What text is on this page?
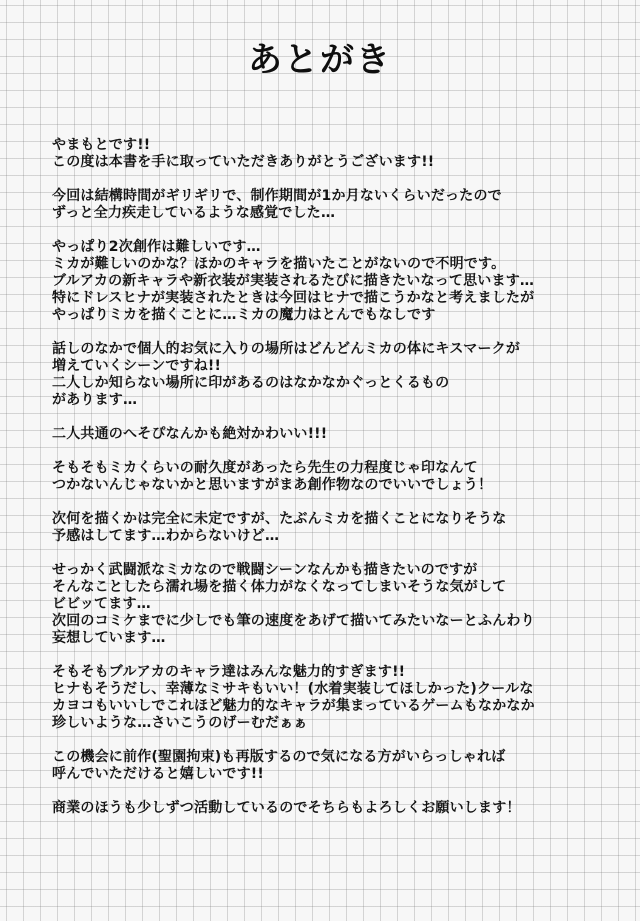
あとがき
やまもとです!!
この度は本書を手に取っていただきありがとうございます!!
今回は結構時間がギリギリで、制作期間が1か月ないくらいだったので
ずっと全力疾走しているような感覚でした…
やっぱり2次創作は難しいです…
ミカが難しいのかな？ほかのキャラを描いたことがないので不明です。
ブルアカの新キャラや新衣装が実装されるたびに描きたいなって思います…
特にドレスヒナが実装されたときは今回はヒナで描こうかなと考えましたが
やっぱりミカを描くことに…ミカの魔力はとんでもなしです
話しのなかで個人的お気に入りの場所はどんどんミカの体にキスマークが
増えていくシーンですね!!
二人しか知らない場所に印があるのはなかなかぐっとくるもの
があります…
二人共通のへそぴなんかも絶対かわいい!!!
そもそもミカくらいの耐久度があったら先生の力程度じゃ印なんて
つかないんじゃないかと思いますがまあ創作物なのでいいでしょう！
次何を描くかは完全に未定ですが、たぶんミカを描くことになりそうな
予感はしてます…わからないけど…
せっかく武闘派なミカなので戦闘シーンなんかも描きたいのですが
そんなことしたら濡れ場を描く体力がなくなってしまいそうな気がして
ビビッてます…
次回のコミケまでに少しでも筆の速度をあげて描いてみたいなーとふんわり
妄想しています…
そもそもブルアカのキャラ達はみんな魅力的すぎます!!
ヒナもそうだし、幸薄なミサキもいい！(水着実装してほしかった)クールな
カヨコもいいしでこれほど魅力的なキャラが集まっているゲームもなかなか
珍しいような…さいこうのげーむだぁぁ
この機会に前作(聖園拘束)も再版するので気になる方がいらっしゃれば
呼んでいただけると嬉しいです!!
商業のほうも少しずつ活動しているのでそちらもよろしくお願いします！
